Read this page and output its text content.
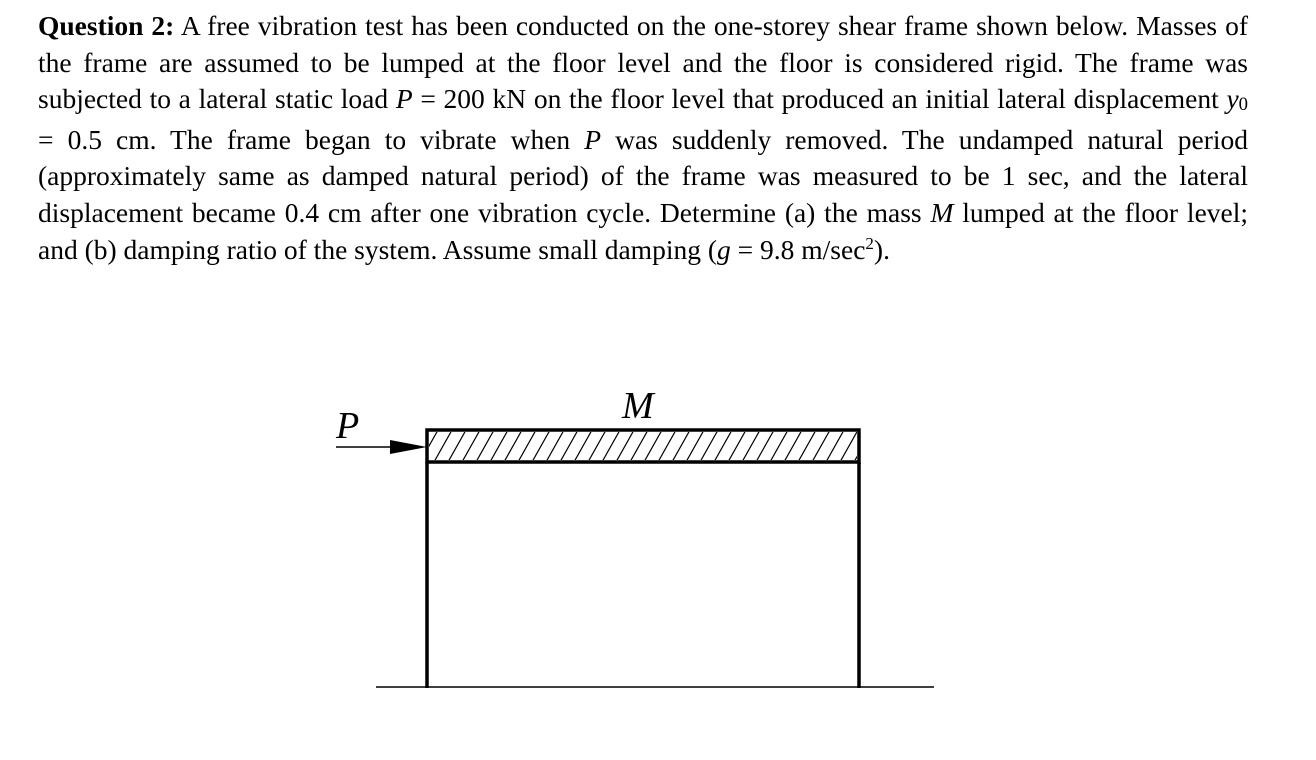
Question 2: A free vibration test has been conducted on the one-storey shear frame shown below. Masses of the frame are assumed to be lumped at the floor level and the floor is considered rigid. The frame was subjected to a lateral static load P = 200 kN on the floor level that produced an initial lateral displacement $y_0 = 0.5$ cm. The frame began to vibrate when P was suddenly removed. The undamped natural period (approximately same as damped natural period) of the frame was measured to be 1 sec, and the lateral displacement became 0.4 cm after one vibration cycle. Determine (a) the mass M lumped at the floor level; and (b) damping ratio of the system. Assume small damping (g = 9.8 $m/\sec^2$).

P	M
